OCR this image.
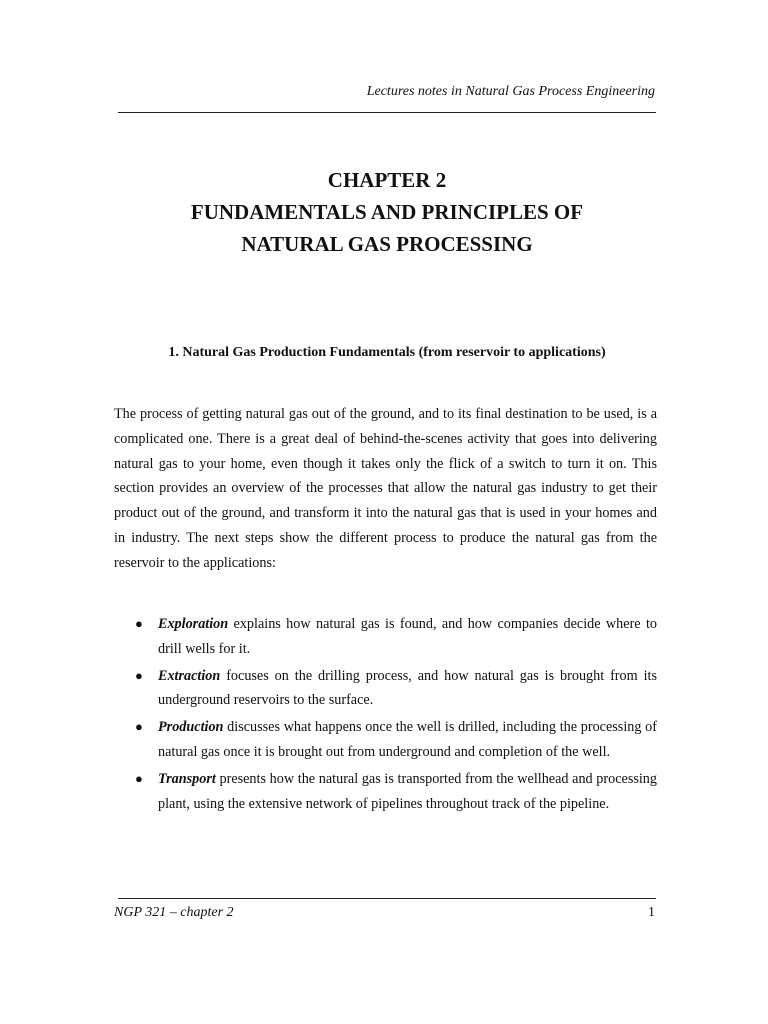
Lectures notes in Natural Gas Process Engineering
CHAPTER 2
FUNDAMENTALS AND PRINCIPLES OF
NATURAL GAS PROCESSING
1. Natural Gas Production Fundamentals (from reservoir to applications)

The process of getting natural gas out of the ground, and to its final destination to be used, is a complicated one. There is a great deal of behind-the-scenes activity that goes into delivering natural gas to your home, even though it takes only the flick of a switch to turn it on. This section provides an overview of the processes that allow the natural gas industry to get their product out of the ground, and transform it into the natural gas that is used in your homes and in industry. The next steps show the different process to produce the natural gas from the reservoir to the applications:

● Exploration explains how natural gas is found, and how companies decide where to drill wells for it.
● Extraction focuses on the drilling process, and how natural gas is brought from its underground reservoirs to the surface.
● Production discusses what happens once the well is drilled, including the processing of natural gas once it is brought out from underground and completion of the well.
● Transport presents how the natural gas is transported from the wellhead and processing plant, using the extensive network of pipelines throughout track of the pipeline.
NGP 321 – chapter 2	1
